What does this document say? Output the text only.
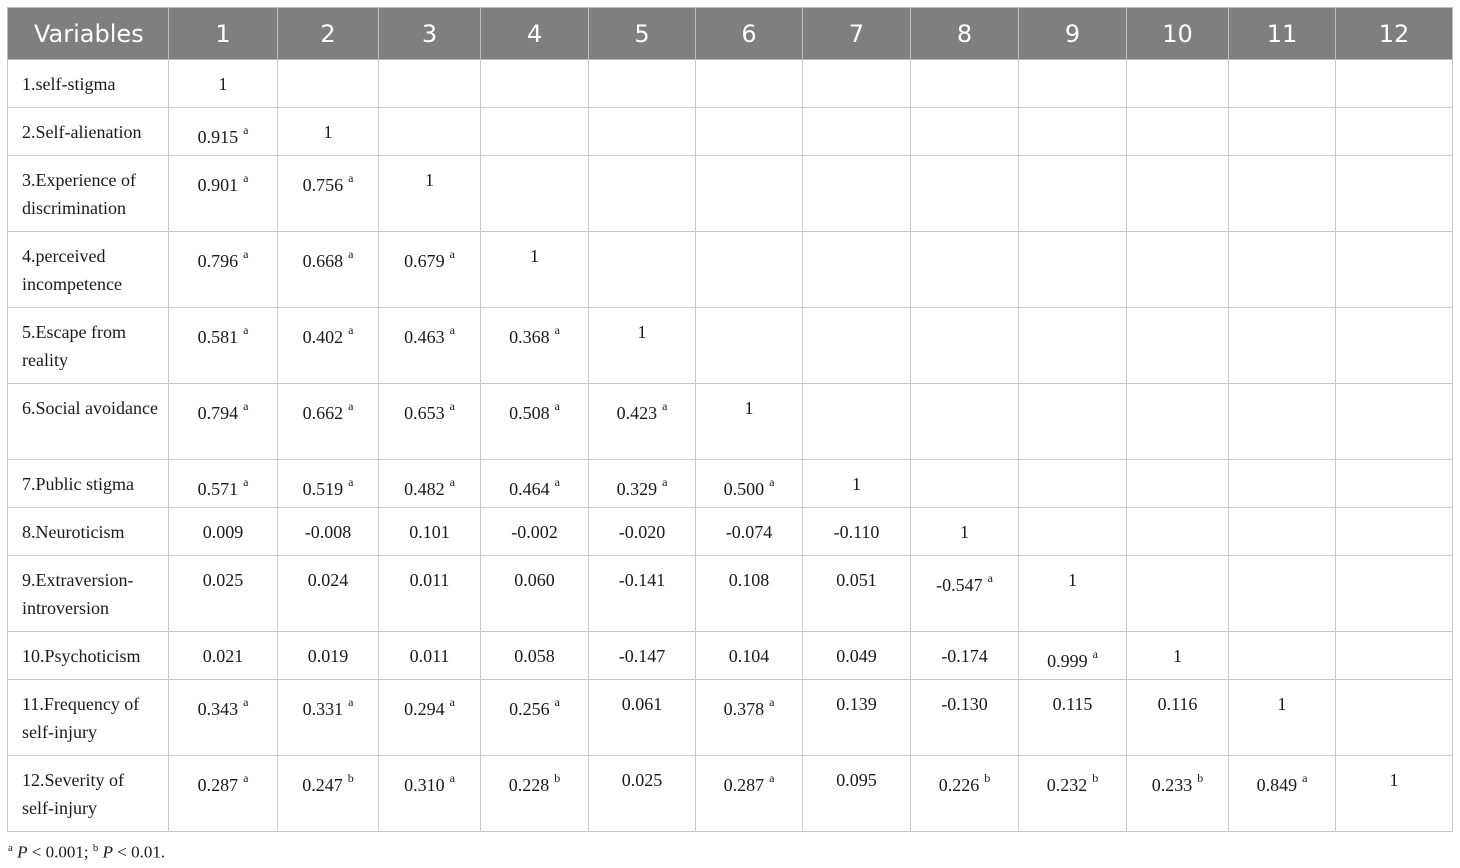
Variables	1	2	3	4	5	6	7	8	9	10	11	12
1.self-stigma	1											
2.Self-alienation	0.915 $^a$	1										
3.Experience of discrimination	0.901 $^a$	0.756 $^a$	1									
4.perceived incompetence	0.796 $^a$	0.668 $^a$	0.679 $^a$	1								
5.Escape from reality	0.581 $^a$	0.402 $^a$	0.463 $^a$	0.368 $^a$	1							
6.Social avoidance	0.794 $^a$	0.662 $^a$	0.653 $^a$	0.508 $^a$	0.423 $^a$	1						
7.Public stigma	0.571 $^a$	0.519 $^a$	0.482 $^a$	0.464 $^a$	0.329 $^a$	0.500 $^a$	1					
8.Neuroticism	0.009	-0.008	0.101	-0.002	-0.020	-0.074	-0.110	1				
9.Extraversion-introversion	0.025	0.024	0.011	0.060	-0.141	0.108	0.051	-0.547 $^a$	1			
10.Psychoticism	0.021	0.019	0.011	0.058	-0.147	0.104	0.049	-0.174	0.999 $^a$	1		
11.Frequency of self-injury	0.343 $^a$	0.331 $^a$	0.294 $^a$	0.256 $^a$	0.061	0.378 $^a$	0.139	-0.130	0.115	0.116	1	
12.Severity of self-injury	0.287 $^a$	0.247 $^b$	0.310 $^a$	0.228 $^b$	0.025	0.287 $^a$	0.095	0.226 $^b$	0.232 $^b$	0.233 $^b$	0.849 $^a$	1
$^a$ P < 0.001; $^b$ P < 0.01.
